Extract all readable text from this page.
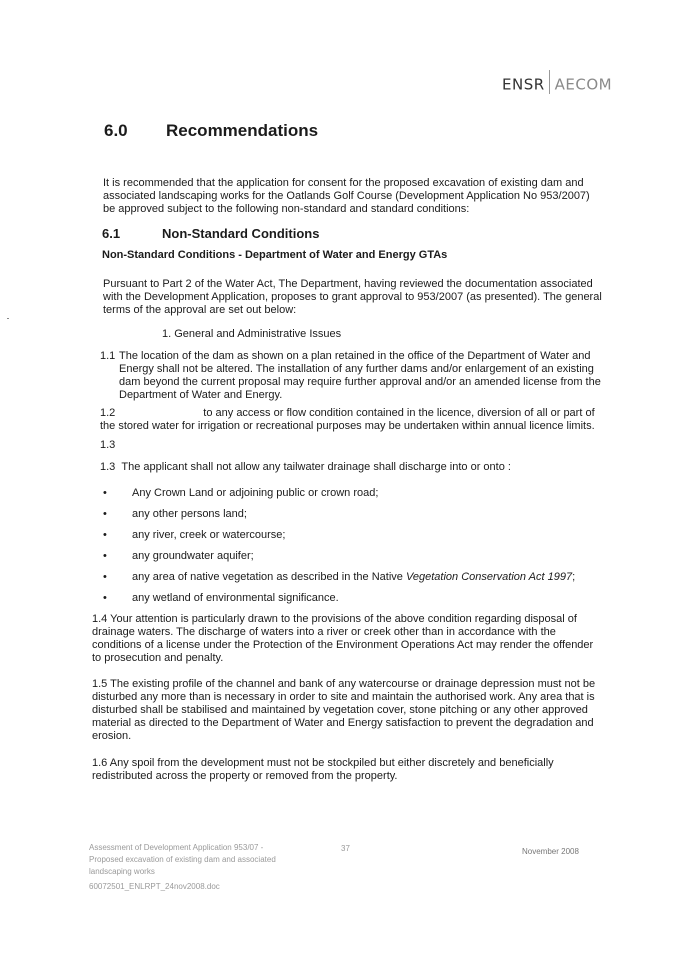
ENSR AECOM
6.0 Recommendations
It is recommended that the application for consent for the proposed excavation of existing dam and associated landscaping works for the Oatlands Golf Course (Development Application No 953/2007) be approved subject to the following non-standard and standard conditions:
6.1	Non-Standard Conditions
Non-Standard Conditions - Department of Water and Energy GTAs
Pursuant to Part 2 of the Water Act, The Department, having reviewed the documentation associated with the Development Application, proposes to grant approval to 953/2007 (as presented). The general terms of the approval are set out below:
1. General and Administrative Issues
1.1 The location of the dam as shown on a plan retained in the office of the Department of Water and Energy shall not be altered. The installation of any further dams and/or enlargement of an existing dam beyond the current proposal may require further approval and/or an amended license from the Department of Water and Energy.
1.2	to any access or flow condition contained in the licence, diversion of all or part of the stored water for irrigation or recreational purposes may be undertaken within annual licence limits.
1.3
1.3 The applicant shall not allow any tailwater drainage shall discharge into or onto :
• Any Crown Land or adjoining public or crown road;
• any other persons land;
• any river, creek or watercourse;
• any groundwater aquifer;
• any area of native vegetation as described in the Native Vegetation Conservation Act 1997;
• any wetland of environmental significance.
1.4 Your attention is particularly drawn to the provisions of the above condition regarding disposal of drainage waters. The discharge of waters into a river or creek other than in accordance with the conditions of a license under the Protection of the Environment Operations Act may render the offender to prosecution and penalty.
1.5 The existing profile of the channel and bank of any watercourse or drainage depression must not be disturbed any more than is necessary in order to site and maintain the authorised work. Any area that is disturbed shall be stabilised and maintained by vegetation cover, stone pitching or any other approved material as directed to the Department of Water and Energy satisfaction to prevent the degradation and erosion.
1.6 Any spoil from the development must not be stockpiled but either discretely and beneficially redistributed across the property or removed from the property.
Assessment of Development Application 953/07 -
Proposed excavation of existing dam and associated
landscaping works
60072501_ENLRPT_24nov2008.doc
37	November 2008
